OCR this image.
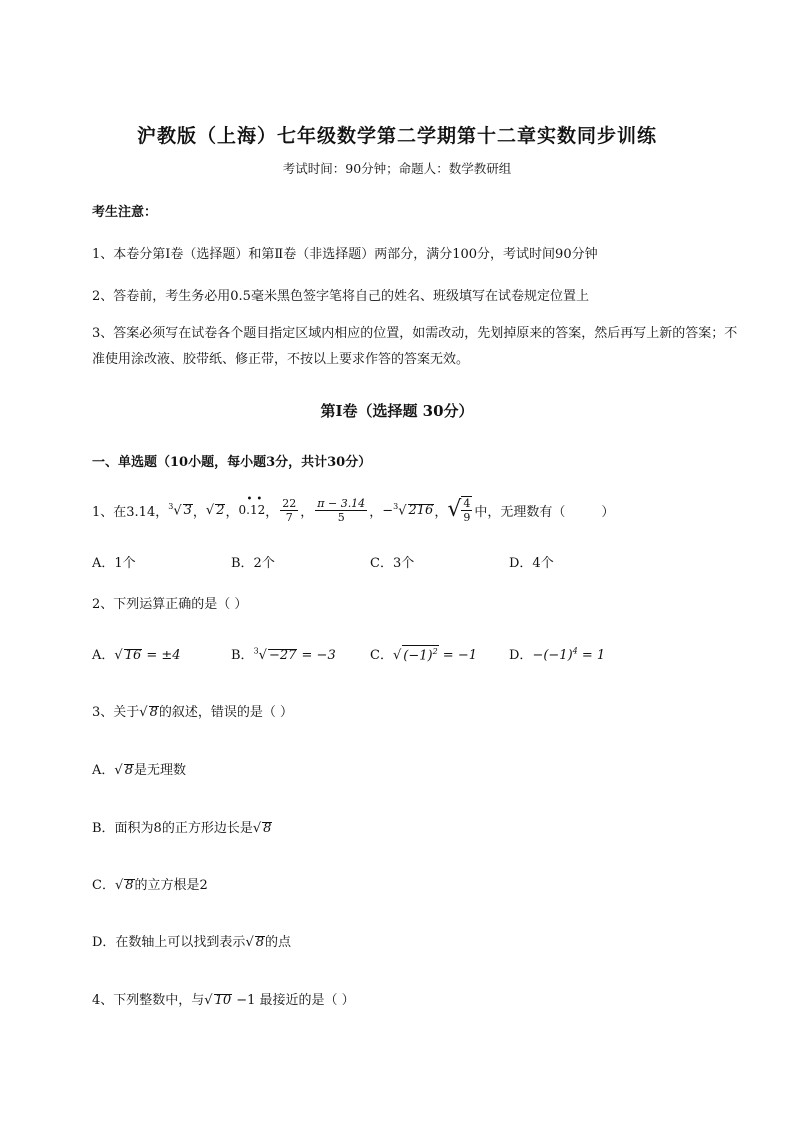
沪教版（上海）七年级数学第二学期第十二章实数同步训练
考试时间：90分钟；命题人：数学教研组
考生注意：
1、本卷分第I卷（选择题）和第Ⅱ卷（非选择题）两部分，满分100分，考试时间90分钟
2、答卷前，考生务必用0.5毫米黑色签字笔将自己的姓名、班级填写在试卷规定位置上
3、答案必须写在试卷各个题目指定区域内相应的位置，如需改动，先划掉原来的答案，然后再写上新的答案；不准使用涂改液、胶带纸、修正带，不按以上要求作答的答案无效。
第I卷（选择题 30分）
一、单选题（10小题，每小题3分，共计30分）
1、在3.14， $^3$√ 3 ， √ 2 ，
••
0.12 ， $\frac{22}{7}$ ， $\frac{\pi - 3.14}{5}$ ， −$^3$√ 216 ， √ $\frac{4}{9}$ 中，无理数有（	）
A．1个	B．2个	C．3个	D．4个
2、下列运算正确的是（ ）
A．√ 16 = ±4	B．$^3$√ −27 = −3	C．√ $(-1)^2 = -1$ D．$-(-1)^4 = 1$
3、关于√ 8的叙述，错误的是（ ）
A．√ 8是无理数
B．面积为8的正方形边长是√ 8
C．√ 8的立方根是2
D．在数轴上可以找到表示√ 8的点
4、下列整数中，与√ 10 −1 最接近的是（ ）
